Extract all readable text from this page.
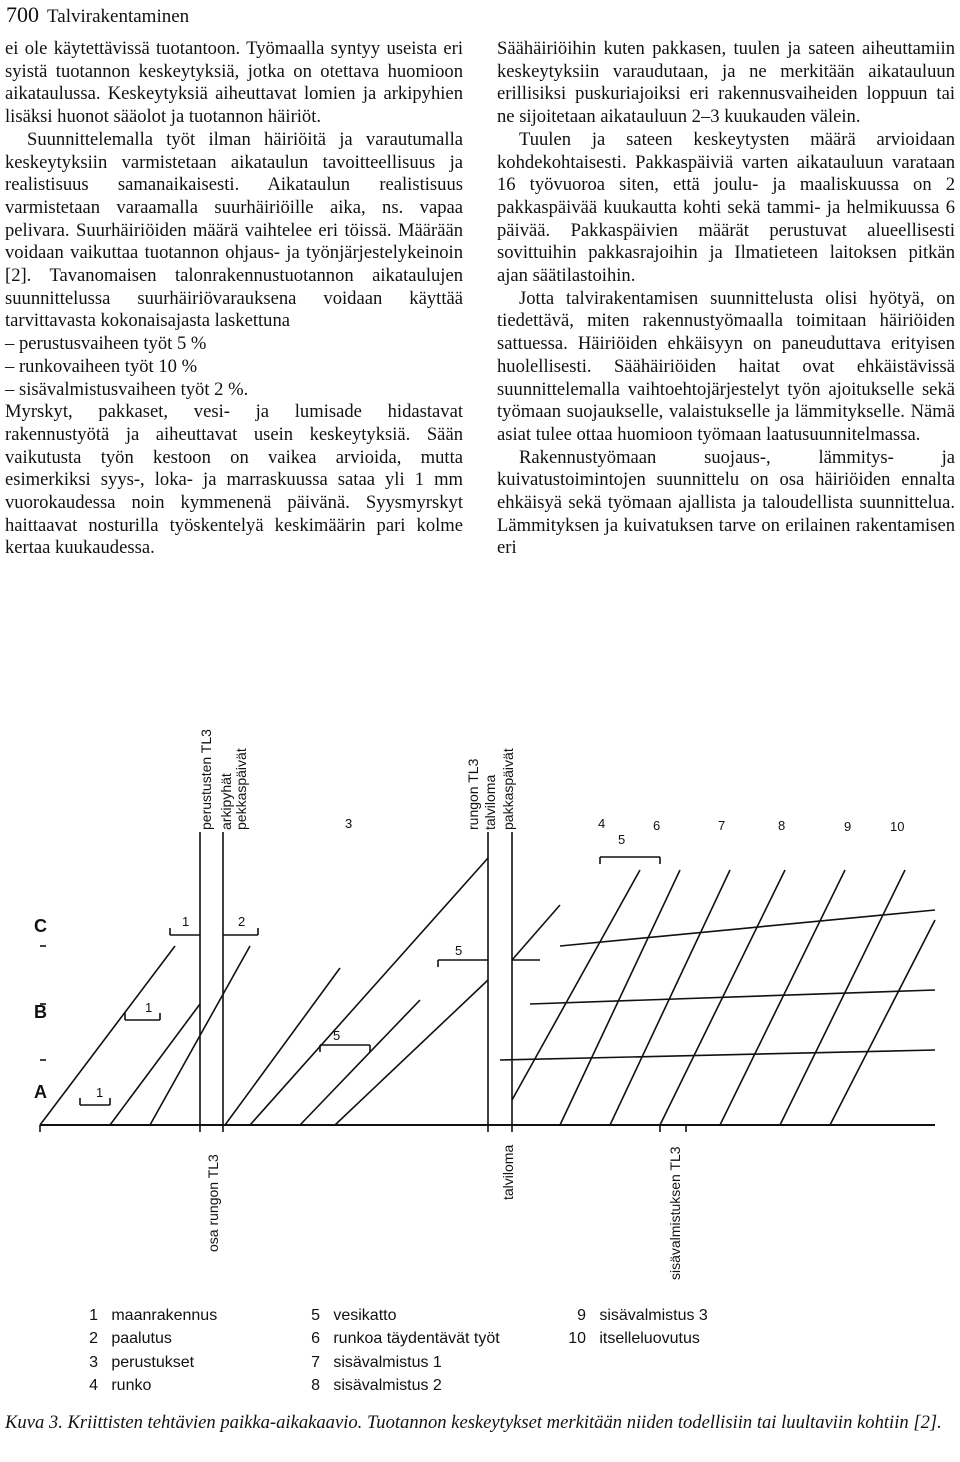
700 Talvirakentaminen

ei ole käytettävissä tuotantoon. Työmaalla syntyy useista eri syistä tuotannon keskeytyksiä, jotka on otettava huomioon aikataulussa. Keskeytyksiä aiheuttavat lomien ja arkipyhien lisäksi huonot sääolot ja tuotannon häiriöt.

Suunnittelemalla työt ilman häiriöitä ja varautumalla keskeytyksiin varmistetaan aikataulun tavoitteellisuus ja realistisuus samanaikaisesti. Aikataulun realistisuus varmistetaan varaamalla suurhäiriöille aika, ns. vapaa pelivara. Suurhäiriöiden määrä vaihtelee eri töissä. Määrään voidaan vaikuttaa tuotannon ohjaus- ja työnjärjestelykeinoin [2]. Tavanomaisen talonrakennustuotannon aikataulujen suunnittelussa suurhäiriövarauksena voidaan käyttää tarvittavasta kokonaisajasta laskettuna

– perustusvaiheen työt 5 %

– runkovaiheen työt 10 %

– sisävalmistusvaiheen työt 2 %.

Myrskyt, pakkaset, vesi- ja lumisade hidastavat rakennustyötä ja aiheuttavat usein keskeytyksiä. Sään vaikutusta työn kestoon on vaikea arvioida, mutta esimerkiksi syys-, loka- ja marraskuussa sataa yli 1 mm vuorokaudessa noin kymmenenä päivänä. Syysmyrskyt haittaavat nosturilla työskentelyä keskimäärin pari kolme kertaa kuukaudessa.

Säähäiriöihin kuten pakkasen, tuulen ja sateen aiheuttamiin keskeytyksiin varaudutaan, ja ne merkitään aikatauluun erillisiksi puskuriajoiksi eri rakennusvaiheiden loppuun tai ne sijoitetaan aikatauluun 2–3 kuukauden välein.

Tuulen ja sateen keskeytysten määrä arvioidaan kohdekohtaisesti. Pakkaspäiviä varten aikatauluun varataan 16 työvuoroa siten, että joulu- ja maaliskuussa on 2 pakkaspäivää kuukautta kohti sekä tammi- ja helmikuussa 6 päivää. Pakkaspäivien määrät perustuvat alueellisesti sovittuihin pakkasrajoihin ja Ilmatieteen laitoksen pitkän ajan säätilastoihin.

Jotta talvirakentamisen suunnittelusta olisi hyötyä, on tiedettävä, miten rakennustyömaalla toimitaan häiriöiden sattuessa. Häiriöiden ehkäisyyn on paneuduttava erityisen huolellisesti. Säähäiriöiden haitat ovat ehkäistävissä suunnittelemalla vaihtoehtojärjestelyt työn ajoitukselle sekä työmaan suojaukselle, valaistukselle ja lämmitykselle. Nämä asiat tulee ottaa huomioon työmaan laatusuunnitelmassa.

Rakennustyömaan suojaus-, lämmitys- ja kuivatustoimintojen suunnittelu on osa häiriöiden ennalta ehkäisyä sekä työmaan ajallista ja taloudellista suunnittelua. Lämmityksen ja kuivatuksen tarve on erilainen rakentamisen eri

perustusten TL3 arkipyhät pekkaspäivät	rungon TL3 talviloma pakkaspäivät
osa rungon TL3	talviloma	sisävalmistuksen TL3
C
B
A
3	4
5
6	7	8	9	10
1	2
5
1
5
1
1 maanrakennus
2 paalutus
3 perustukset
4 runko
5 vesikatto
6 runkoa täydentävät työt
7 sisävalmistus 1
8 sisävalmistus 2
9 sisävalmistus 3
10 itselleluovutus
Kuva 3. Kriittisten tehtävien paikka-aikakaavio. Tuotannon keskeytykset merkitään niiden todellisiin tai luultaviin kohtiin [2].
